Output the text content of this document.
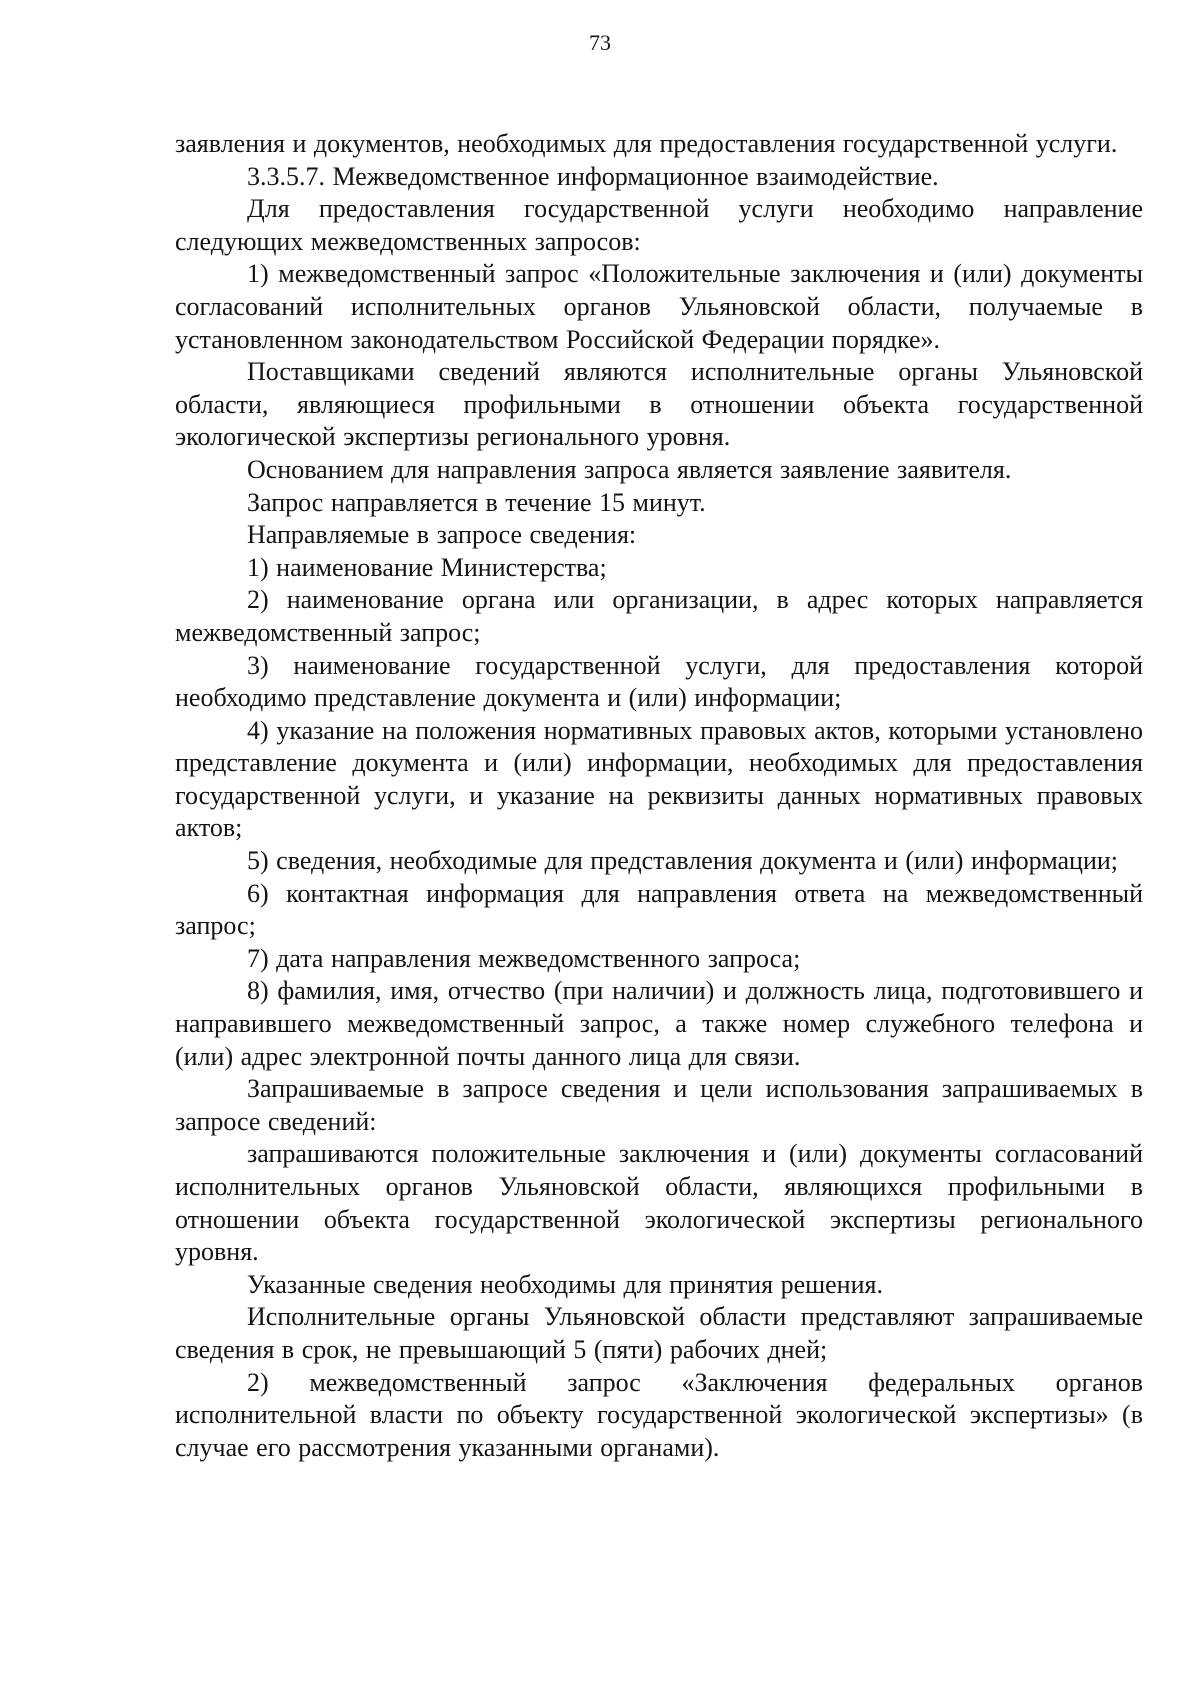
73

заявления и документов, необходимых для предоставления государственной услуги.

3.3.5.7. Межведомственное информационное взаимодействие.

Для предоставления государственной услуги необходимо направление следующих межведомственных запросов:

1) межведомственный запрос «Положительные заключения и (или) документы согласований исполнительных органов Ульяновской области, получаемые в установленном законодательством Российской Федерации порядке».

Поставщиками сведений являются исполнительные органы Ульяновской области, являющиеся профильными в отношении объекта государственной экологической экспертизы регионального уровня.

Основанием для направления запроса является заявление заявителя.

Запрос направляется в течение 15 минут.

Направляемые в запросе сведения:

1) наименование Министерства;

2) наименование органа или организации, в адрес которых направляется межведомственный запрос;

3) наименование государственной услуги, для предоставления которой необходимо представление документа и (или) информации;

4) указание на положения нормативных правовых актов, которыми установлено представление документа и (или) информации, необходимых для предоставления государственной услуги, и указание на реквизиты данных нормативных правовых актов;

5) сведения, необходимые для представления документа и (или) информации;

6) контактная информация для направления ответа на межведомственный запрос;

7) дата направления межведомственного запроса;

8) фамилия, имя, отчество (при наличии) и должность лица, подготовившего и направившего межведомственный запрос, а также номер служебного телефона и (или) адрес электронной почты данного лица для связи.

Запрашиваемые в запросе сведения и цели использования запрашиваемых в запросе сведений:

запрашиваются положительные заключения и (или) документы согласований исполнительных органов Ульяновской области, являющихся профильными в отношении объекта государственной экологической экспертизы регионального уровня.

Указанные сведения необходимы для принятия решения.

Исполнительные органы Ульяновской области представляют запрашиваемые сведения в срок, не превышающий 5 (пяти) рабочих дней;

2) межведомственный запрос «Заключения федеральных органов исполнительной власти по объекту государственной экологической экспертизы» (в случае его рассмотрения указанными органами).
